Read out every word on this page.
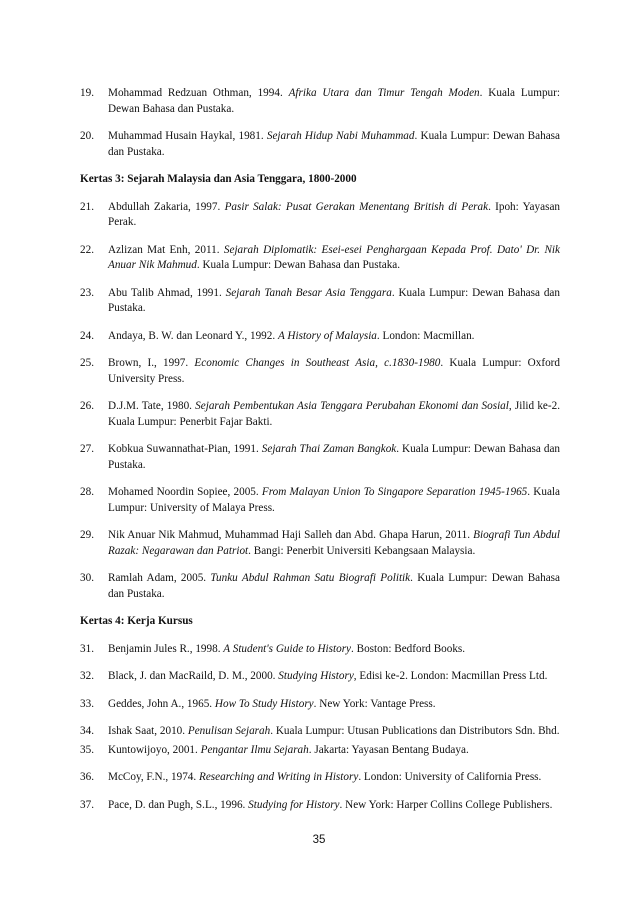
19. Mohammad Redzuan Othman, 1994. Afrika Utara dan Timur Tengah Moden. Kuala Lumpur: Dewan Bahasa dan Pustaka.
20. Muhammad Husain Haykal, 1981. Sejarah Hidup Nabi Muhammad. Kuala Lumpur: Dewan Bahasa dan Pustaka.
Kertas 3: Sejarah Malaysia dan Asia Tenggara, 1800-2000
21. Abdullah Zakaria, 1997. Pasir Salak: Pusat Gerakan Menentang British di Perak. Ipoh: Yayasan Perak.
22. Azlizan Mat Enh, 2011. Sejarah Diplomatik: Esei-esei Penghargaan Kepada Prof. Dato' Dr. Nik Anuar Nik Mahmud. Kuala Lumpur: Dewan Bahasa dan Pustaka.
23. Abu Talib Ahmad, 1991. Sejarah Tanah Besar Asia Tenggara. Kuala Lumpur: Dewan Bahasa dan Pustaka.
24. Andaya, B. W. dan Leonard Y., 1992. A History of Malaysia. London: Macmillan.
25. Brown, I., 1997. Economic Changes in Southeast Asia, c.1830-1980. Kuala Lumpur: Oxford University Press.
26. D.J.M. Tate, 1980. Sejarah Pembentukan Asia Tenggara Perubahan Ekonomi dan Sosial, Jilid ke-2. Kuala Lumpur: Penerbit Fajar Bakti.
27. Kobkua Suwannathat-Pian, 1991. Sejarah Thai Zaman Bangkok. Kuala Lumpur: Dewan Bahasa dan Pustaka.
28. Mohamed Noordin Sopiee, 2005. From Malayan Union To Singapore Separation 1945-1965. Kuala Lumpur: University of Malaya Press.
29. Nik Anuar Nik Mahmud, Muhammad Haji Salleh dan Abd. Ghapa Harun, 2011. Biografi Tun Abdul Razak: Negarawan dan Patriot. Bangi: Penerbit Universiti Kebangsaan Malaysia.
30. Ramlah Adam, 2005. Tunku Abdul Rahman Satu Biografi Politik. Kuala Lumpur: Dewan Bahasa dan Pustaka.
Kertas 4: Kerja Kursus
31. Benjamin Jules R., 1998. A Student's Guide to History. Boston: Bedford Books.
32. Black, J. dan MacRaild, D. M., 2000. Studying History, Edisi ke-2. London: Macmillan Press Ltd.
33. Geddes, John A., 1965. How To Study History. New York: Vantage Press.
34. Ishak Saat, 2010. Penulisan Sejarah. Kuala Lumpur: Utusan Publications dan Distributors Sdn. Bhd.
35. Kuntowijoyo, 2001. Pengantar Ilmu Sejarah. Jakarta: Yayasan Bentang Budaya.
36. McCoy, F.N., 1974. Researching and Writing in History. London: University of California Press.
37. Pace, D. dan Pugh, S.L., 1996. Studying for History. New York: Harper Collins College Publishers.
35
